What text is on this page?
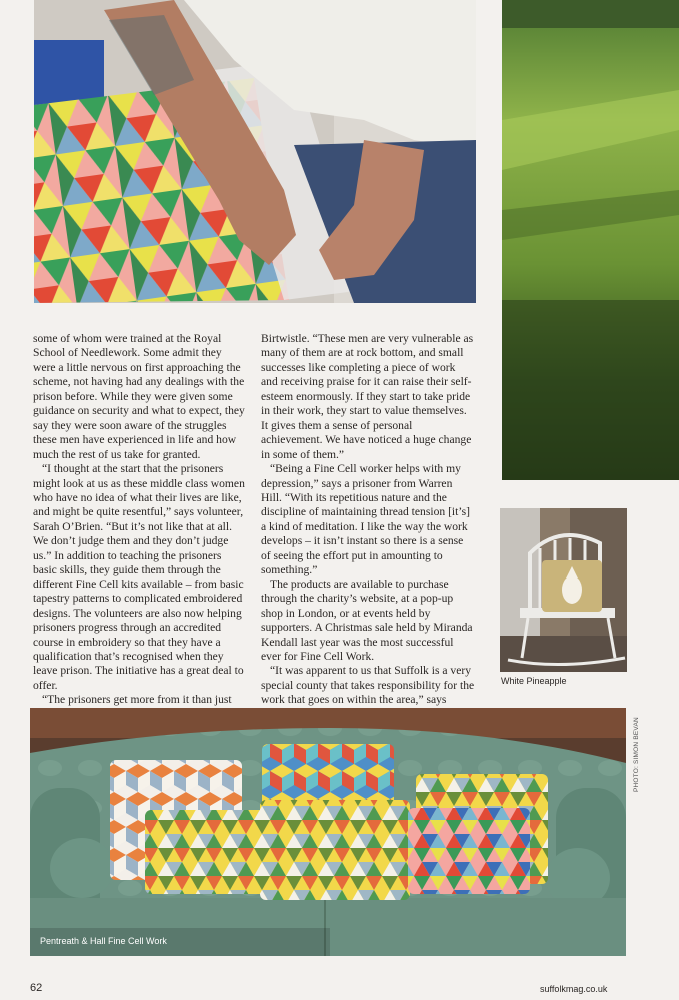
some of whom were trained at the Royal School of Needlework. Some admit they were a little nervous on first approaching the scheme, not having had any dealings with the prison before. While they were given some guidance on security and what to expect, they say they were soon aware of the struggles these men have experienced in life and how much the rest of us take for granted.

“I thought at the start that the prisoners might look at us as these middle class women who have no idea of what their lives are like, and might be quite resentful,” says volunteer, Sarah O’Brien. “But it’s not like that at all. We don’t judge them and they don’t judge us.” In addition to teaching the prisoners basic skills, they guide them through the different Fine Cell kits available – from basic tapestry patterns to complicated embroidered designs. The volunteers are also now helping prisoners progress through an accredited course in embroidery so that they have a qualification that’s recognised when they leave prison. The initiative has a great deal to offer.

“The prisoners get more from it than just

Birtwistle. “These men are very vulnerable as many of them are at rock bottom, and small successes like completing a piece of work and receiving praise for it can raise their self-esteem enormously. If they start to take pride in their work, they start to value themselves. It gives them a sense of personal achievement. We have noticed a huge change in some of them.”

“Being a Fine Cell worker helps with my depression,” says a prisoner from Warren Hill. “With its repetitious nature and the discipline of maintaining thread tension [it’s] a kind of meditation. I like the way the work develops – it isn’t instant so there is a sense of seeing the effort put in amounting to something.”

The products are available to purchase through the charity’s website, at a pop-up shop in London, or at events held by supporters. A Christmas sale held by Miranda Kendall last year was the most successful ever for Fine Cell Work.

“It was apparent to us that Suffolk is a very special county that takes responsibility for the work that goes on within the area,” says

White Pineapple
Pentreath & Hall Fine Cell Work
PHOTO: SIMON BEVAN
62	suffolkmag.co.uk
